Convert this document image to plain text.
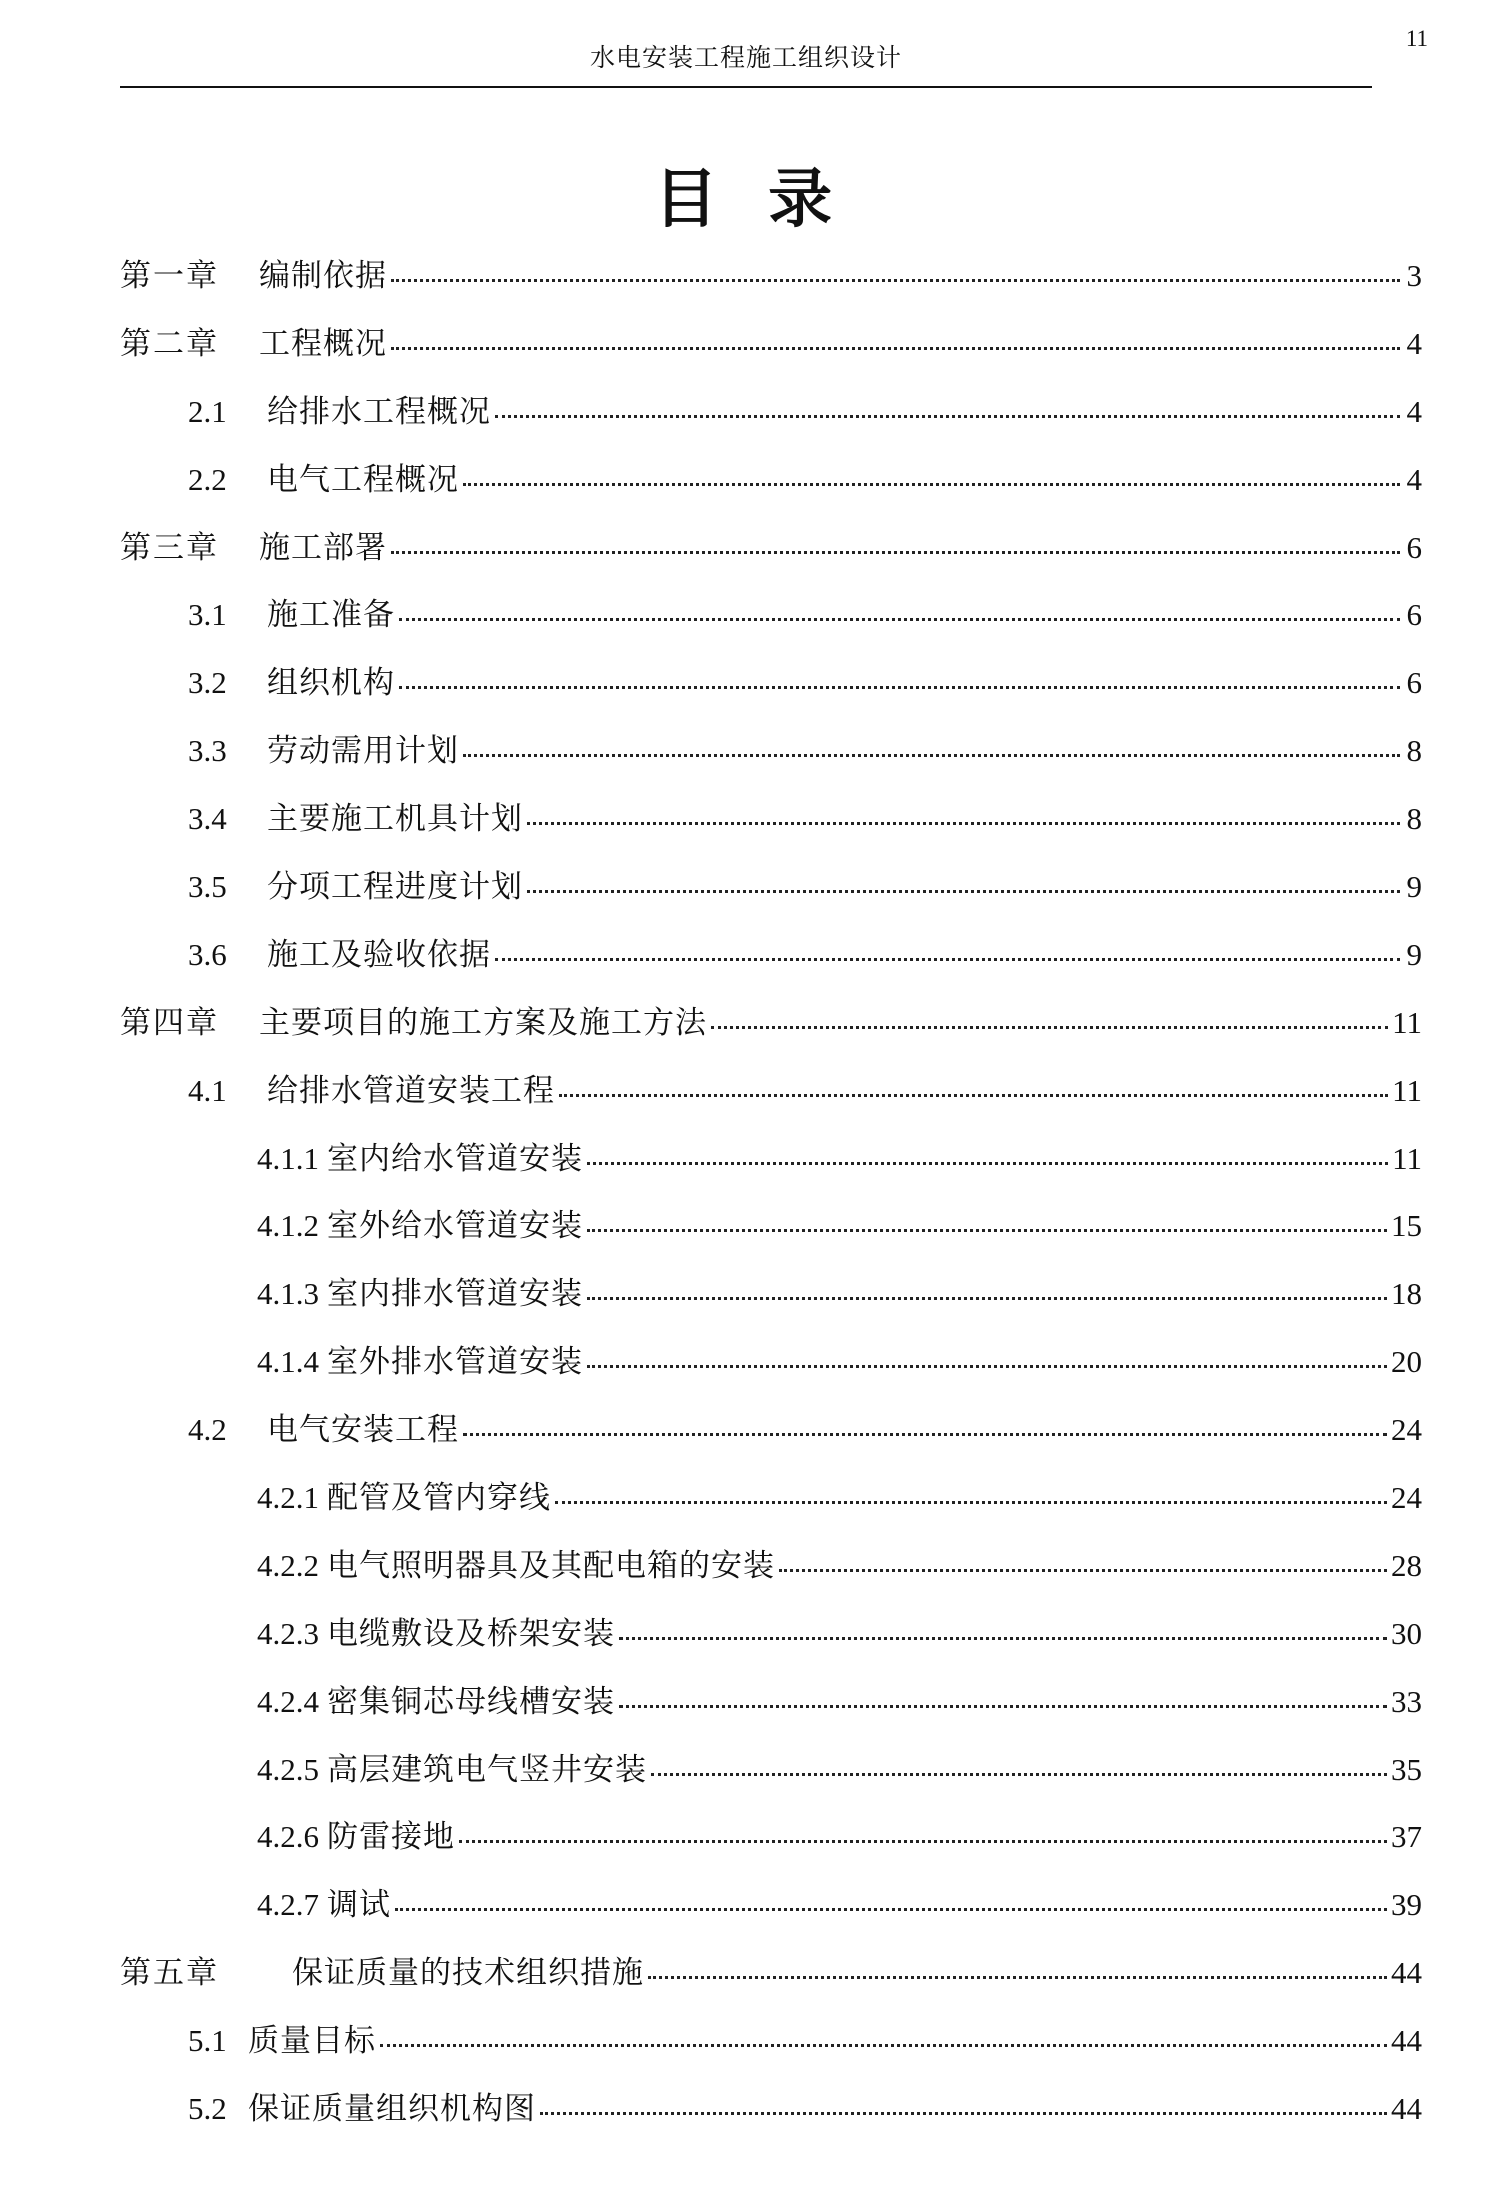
水电安装工程施工组织设计
11
目 录
第一章	编制依据	3
第二章	工程概况	4
2.1	给排水工程概况	4
2.2	电气工程概况	4
第三章	施工部署	6
3.1	施工准备	6
3.2	组织机构	6
3.3	劳动需用计划	8
3.4	主要施工机具计划	8
3.5	分项工程进度计划	9
3.6	施工及验收依据	9
第四章	主要项目的施工方案及施工方法	11
4.1	给排水管道安装工程	11
4.1.1 室内给水管道安装	11
4.1.2 室外给水管道安装	15
4.1.3 室内排水管道安装	18
4.1.4 室外排水管道安装	20
4.2	电气安装工程	24
4.2.1 配管及管内穿线	24
4.2.2 电气照明器具及其配电箱的安装	28
4.2.3 电缆敷设及桥架安装	30
4.2.4 密集铜芯母线槽安装	33
4.2.5 高层建筑电气竖井安装	35
4.2.6 防雷接地	37
4.2.7 调试	39
第五章	保证质量的技术组织措施	44
5.1 质量目标	44
5.2 保证质量组织机构图	44
